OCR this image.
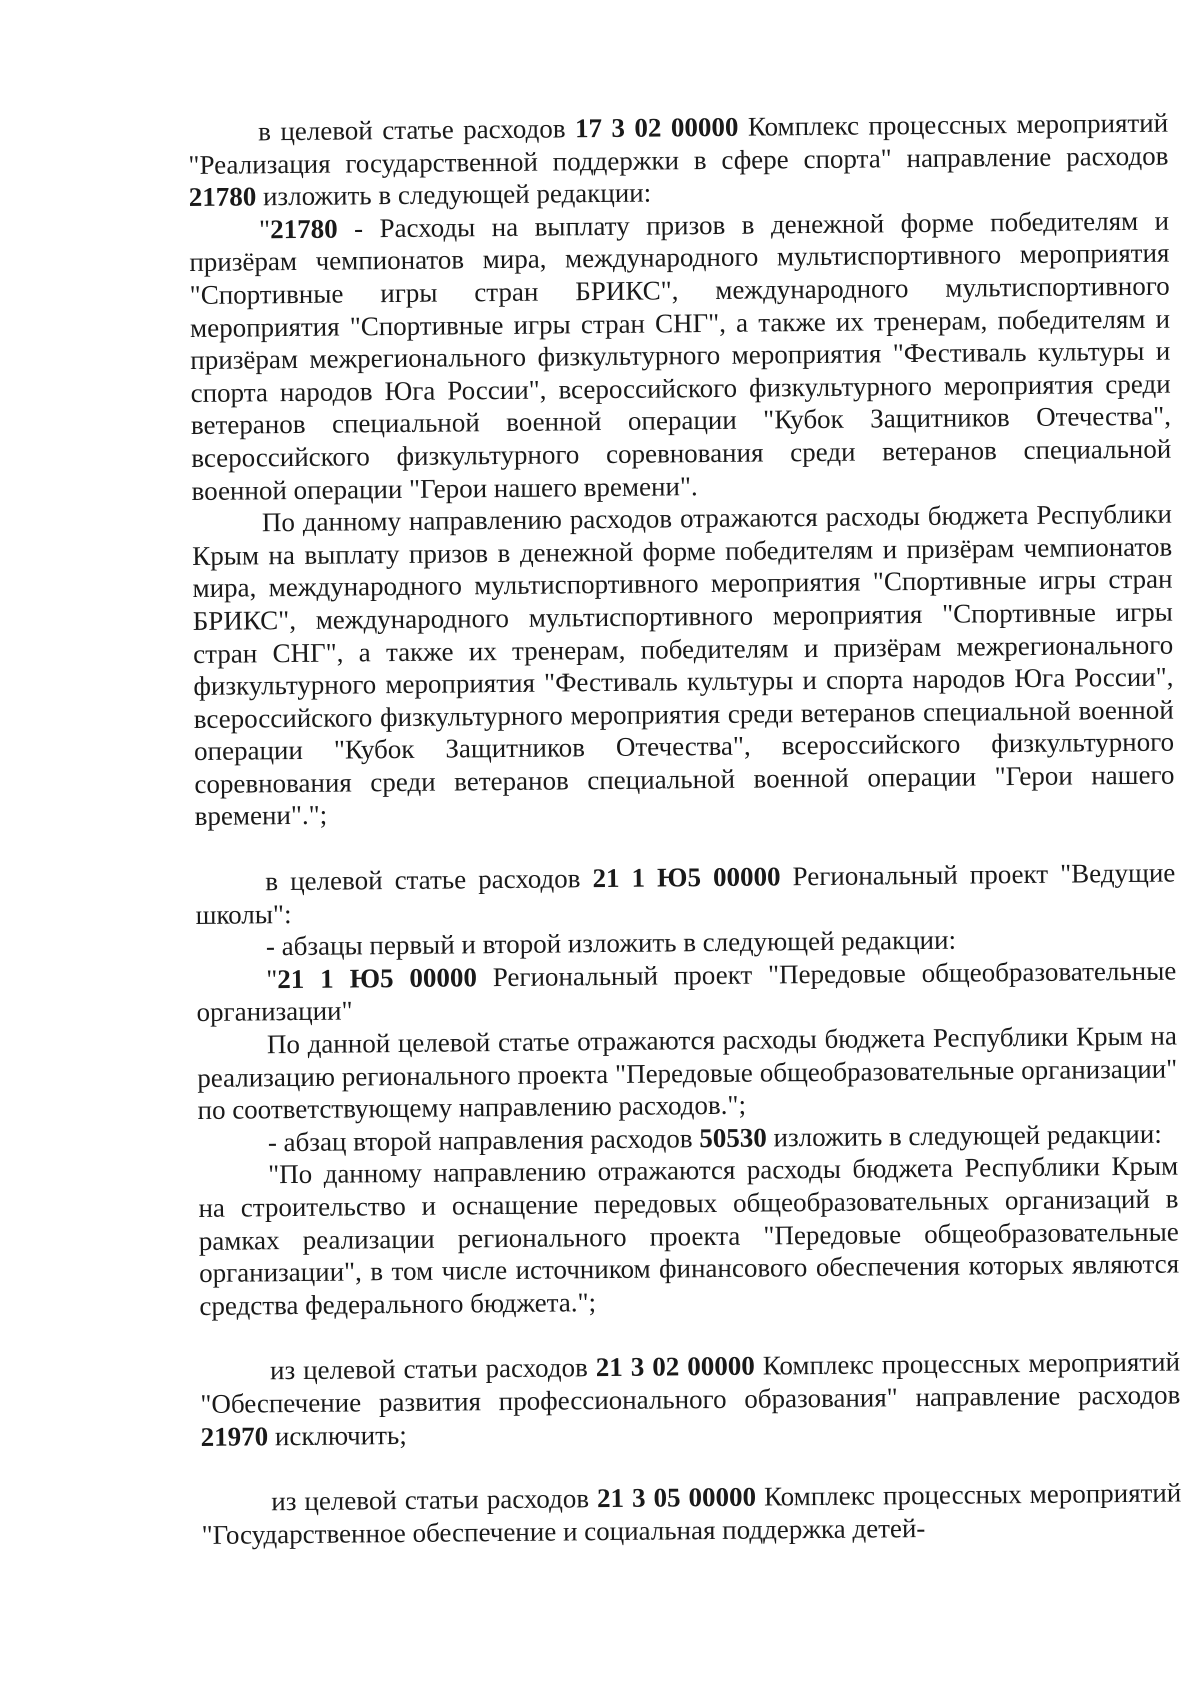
в целевой статье расходов 17 3 02 00000 Комплекс процессных мероприятий "Реализация государственной поддержки в сфере спорта" направление расходов 21780 изложить в следующей редакции:

"21780 - Расходы на выплату призов в денежной форме победителям и призёрам чемпионатов мира, международного мультиспортивного мероприятия "Спортивные игры стран БРИКС", международного мультиспортивного мероприятия "Спортивные игры стран СНГ", а также их тренерам, победителям и призёрам межрегионального физкультурного мероприятия "Фестиваль культуры и спорта народов Юга России", всероссийского физкультурного мероприятия среди ветеранов специальной военной операции "Кубок Защитников Отечества", всероссийского физкультурного соревнования среди ветеранов специальной военной операции "Герои нашего времени".

По данному направлению расходов отражаются расходы бюджета Республики Крым на выплату призов в денежной форме победителям и призёрам чемпионатов мира, международного мультиспортивного мероприятия "Спортивные игры стран БРИКС", международного мультиспортивного мероприятия "Спортивные игры стран СНГ", а также их тренерам, победителям и призёрам межрегионального физкультурного мероприятия "Фестиваль культуры и спорта народов Юга России", всероссийского физкультурного мероприятия среди ветеранов специальной военной операции "Кубок Защитников Отечества", всероссийского физкультурного соревнования среди ветеранов специальной военной операции "Герои нашего времени".";

в целевой статье расходов 21 1 Ю5 00000 Региональный проект "Ведущие школы":

- абзацы первый и второй изложить в следующей редакции:

"21 1 Ю5 00000 Региональный проект "Передовые общеобразовательные организации"

По данной целевой статье отражаются расходы бюджета Республики Крым на реализацию регионального проекта "Передовые общеобразовательные организации" по соответствующему направлению расходов.";

- абзац второй направления расходов 50530 изложить в следующей редакции:

"По данному направлению отражаются расходы бюджета Республики Крым на строительство и оснащение передовых общеобразовательных организаций в рамках реализации регионального проекта "Передовые общеобразовательные организации", в том числе источником финансового обеспечения которых являются средства федерального бюджета.";

из целевой статьи расходов 21 3 02 00000 Комплекс процессных мероприятий "Обеспечение развития профессионального образования" направление расходов 21970 исключить;

из целевой статьи расходов 21 3 05 00000 Комплекс процессных мероприятий "Государственное обеспечение и социальная поддержка детей-
